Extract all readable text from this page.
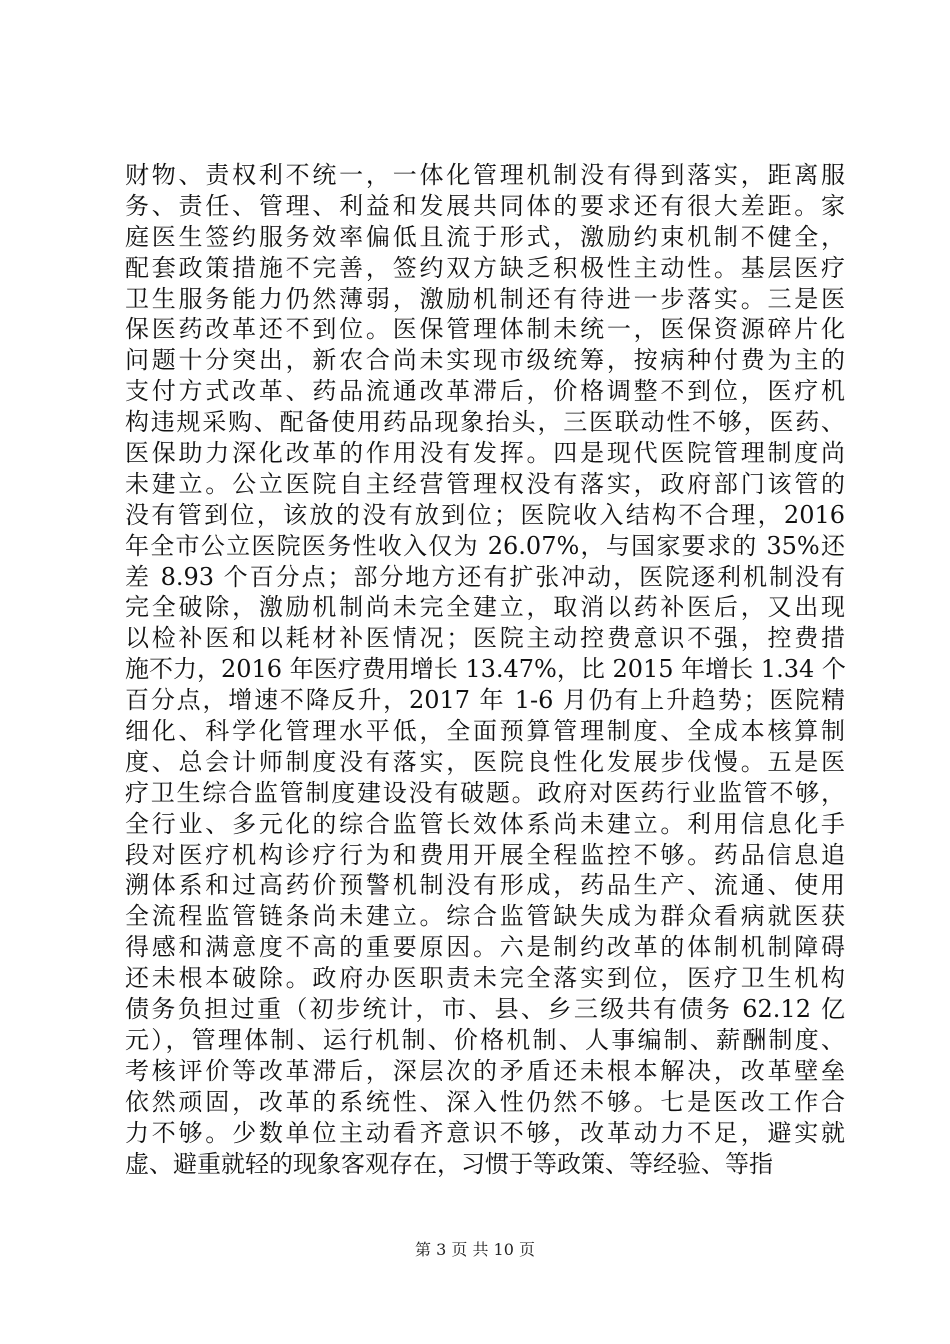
财物、责权利不统一，一体化管理机制没有得到落实，距离服
务、责任、管理、利益和发展共同体的要求还有很大差距。家
庭医生签约服务效率偏低且流于形式，激励约束机制不健全，
配套政策措施不完善，签约双方缺乏积极性主动性。基层医疗
卫生服务能力仍然薄弱，激励机制还有待进一步落实。三是医
保医药改革还不到位。医保管理体制未统一，医保资源碎片化
问题十分突出，新农合尚未实现市级统筹，按病种付费为主的
支付方式改革、药品流通改革滞后，价格调整不到位，医疗机
构违规采购、配备使用药品现象抬头，三医联动性不够，医药、
医保助力深化改革的作用没有发挥。四是现代医院管理制度尚
未建立。公立医院自主经营管理权没有落实，政府部门该管的
没有管到位，该放的没有放到位；医院收入结构不合理，2016
年全市公立医院医务性收入仅为 26.07%，与国家要求的 35%还
差 8.93 个百分点；部分地方还有扩张冲动，医院逐利机制没有
完全破除，激励机制尚未完全建立，取消以药补医后，又出现
以检补医和以耗材补医情况；医院主动控费意识不强，控费措
施不力，2016 年医疗费用增长 13.47%，比 2015 年增长 1.34 个
百分点，增速不降反升，2017 年 1-6 月仍有上升趋势；医院精
细化、科学化管理水平低，全面预算管理制度、全成本核算制
度、总会计师制度没有落实，医院良性化发展步伐慢。五是医
疗卫生综合监管制度建设没有破题。政府对医药行业监管不够，
全行业、多元化的综合监管长效体系尚未建立。利用信息化手
段对医疗机构诊疗行为和费用开展全程监控不够。药品信息追
溯体系和过高药价预警机制没有形成，药品生产、流通、使用
全流程监管链条尚未建立。综合监管缺失成为群众看病就医获
得感和满意度不高的重要原因。六是制约改革的体制机制障碍
还未根本破除。政府办医职责未完全落实到位，医疗卫生机构
债务负担过重（初步统计，市、县、乡三级共有债务 62.12 亿
元），管理体制、运行机制、价格机制、人事编制、薪酬制度、
考核评价等改革滞后，深层次的矛盾还未根本解决，改革壁垒
依然顽固，改革的系统性、深入性仍然不够。七是医改工作合
力不够。少数单位主动看齐意识不够，改革动力不足，避实就
虚、避重就轻的现象客观存在，习惯于等政策、等经验、等指
第 3 页 共 10 页
